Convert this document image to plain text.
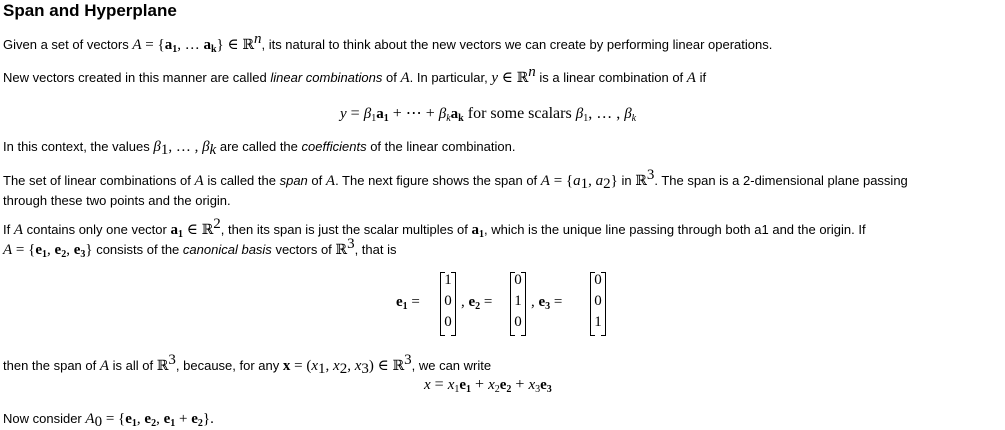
Span and Hyperplane
Given a set of vectors $A = \{a_1$, … $a_k$} ∈ ℝ$^n$, its natural to think about the new vectors we can create by performing linear operations.
New vectors created in this manner are called linear combinations of A. In particular, y ∈ ℝ$^n$ is a linear combination of A if
$y = \beta_1a_1$ + ⋯ + $\beta_ka_k$ for some scalars $\beta_1$, … , $\beta_k$
In this context, the values $\beta_1$, … , $\beta_k$ are called the coefficients of the linear combination.
The set of linear combinations of A is called the span of A. The next figure shows the span of $A = \{a_1$, $a_2$} in ℝ$^3$. The span is a 2-dimensional plane passing
through these two points and the origin.
If A contains only one vector $a_1$ ∈ ℝ$^2$, then its span is just the scalar multiples of $a_1$, which is the unique line passing through both a1 and the origin. If
$A = \{e_1$, $e_2$, $e_3$} consists of the canonical basis vectors of ℝ$^3$, that is
$e_1$ =
1
0
0
, $e_2$ =
0
1
0
, $e_3$ =
0
0
1
then the span of A is all of ℝ$^3$, because, for any $x = (x_1$, $x_2$, $x_3$) ∈ ℝ$^3$, we can write
$x = x_1e_1 + x_2e_2 + x_3e_3$
Now consider $A_0 = \{e_1$, $e_2$, $e_1 + e_2$}.
